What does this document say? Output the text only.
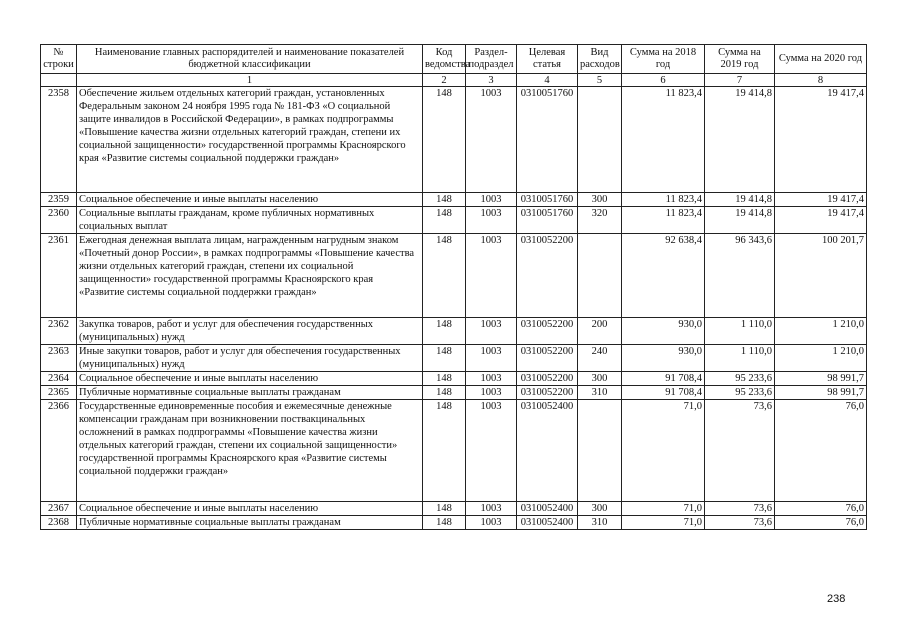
№ строки	Наименование главных распорядителей и наименование показателей бюджетной классификации	Код ведомства	Раздел-подраздел	Целевая статья	Вид расходов	Сумма на 2018 год	Сумма на 2019 год	Сумма на 2020 год
	1	2	3	4	5	6	7	8
2358	Обеспечение жильем отдельных категорий граждан, установленных Федеральным законом 24 ноября 1995 года № 181-ФЗ «О социальной защите инвалидов в Российской Федерации», в рамках подпрограммы «Повышение качества жизни отдельных категорий граждан, степени их социальной защищенности» государственной программы Красноярского края «Развитие системы социальной поддержки граждан»	148	1003	0310051760		11 823,4	19 414,8	19 417,4
2359	Социальное обеспечение и иные выплаты населению	148	1003	0310051760	300	11 823,4	19 414,8	19 417,4
2360	Социальные выплаты гражданам, кроме публичных нормативных социальных выплат	148	1003	0310051760	320	11 823,4	19 414,8	19 417,4
2361	Ежегодная денежная выплата лицам, награжденным нагрудным знаком «Почетный донор России», в рамках подпрограммы «Повышение качества жизни отдельных категорий граждан, степени их социальной защищенности» государственной программы Красноярского края «Развитие системы социальной поддержки граждан»	148	1003	0310052200		92 638,4	96 343,6	100 201,7
2362	Закупка товаров, работ и услуг для обеспечения государственных (муниципальных) нужд	148	1003	0310052200	200	930,0	1 110,0	1 210,0
2363	Иные закупки товаров, работ и услуг для обеспечения государственных (муниципальных) нужд	148	1003	0310052200	240	930,0	1 110,0	1 210,0
2364	Социальное обеспечение и иные выплаты населению	148	1003	0310052200	300	91 708,4	95 233,6	98 991,7
2365	Публичные нормативные социальные выплаты гражданам	148	1003	0310052200	310	91 708,4	95 233,6	98 991,7
2366	Государственные единовременные пособия и ежемесячные денежные компенсации гражданам при возникновении поствакцинальных осложнений в рамках подпрограммы «Повышение качества жизни отдельных категорий граждан, степени их социальной защищенности» государственной программы Красноярского края «Развитие системы социальной поддержки граждан»	148	1003	0310052400		71,0	73,6	76,0
2367	Социальное обеспечение и иные выплаты населению	148	1003	0310052400	300	71,0	73,6	76,0
2368	Публичные нормативные социальные выплаты гражданам	148	1003	0310052400	310	71,0	73,6	76,0
238
